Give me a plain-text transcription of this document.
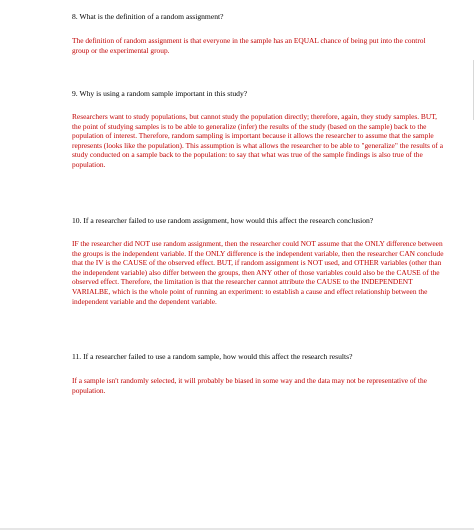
8. What is the definition of a random assignment?

The definition of random assignment is that everyone in the sample has an EQUAL chance of being put into the control group or the experimental group.

9. Why is using a random sample important in this study?

Researchers want to study populations, but cannot study the population directly; therefore, again, they study samples. BUT, the point of studying samples is to be able to generalize (infer) the results of the study (based on the sample) back to the population of interest. Therefore, random sampling is important because it allows the researcher to assume that the sample represents (looks like the population). This assumption is what allows the researcher to be able to "generalize" the results of a study conducted on a sample back to the population: to say that what was true of the sample findings is also true of the population.

10. If a researcher failed to use random assignment, how would this affect the research conclusion?

IF the researcher did NOT use random assignment, then the researcher could NOT assume that the ONLY difference between the groups is the independent variable. If the ONLY difference is the independent variable, then the researcher CAN conclude that the IV is the CAUSE of the observed effect. BUT, if random assignment is NOT used, and OTHER variables (other than the independent variable) also differ between the groups, then ANY other of those variables could also be the CAUSE of the observed effect. Therefore, the limitation is that the researcher cannot attribute the CAUSE to the INDEPENDENT VARIALBE, which is the whole point of running an experiment: to establish a cause and effect relationship between the independent variable and the dependent variable.

11. If a researcher failed to use a random sample, how would this affect the research results?

If a sample isn't randomly selected, it will probably be biased in some way and the data may not be representative of the population.
